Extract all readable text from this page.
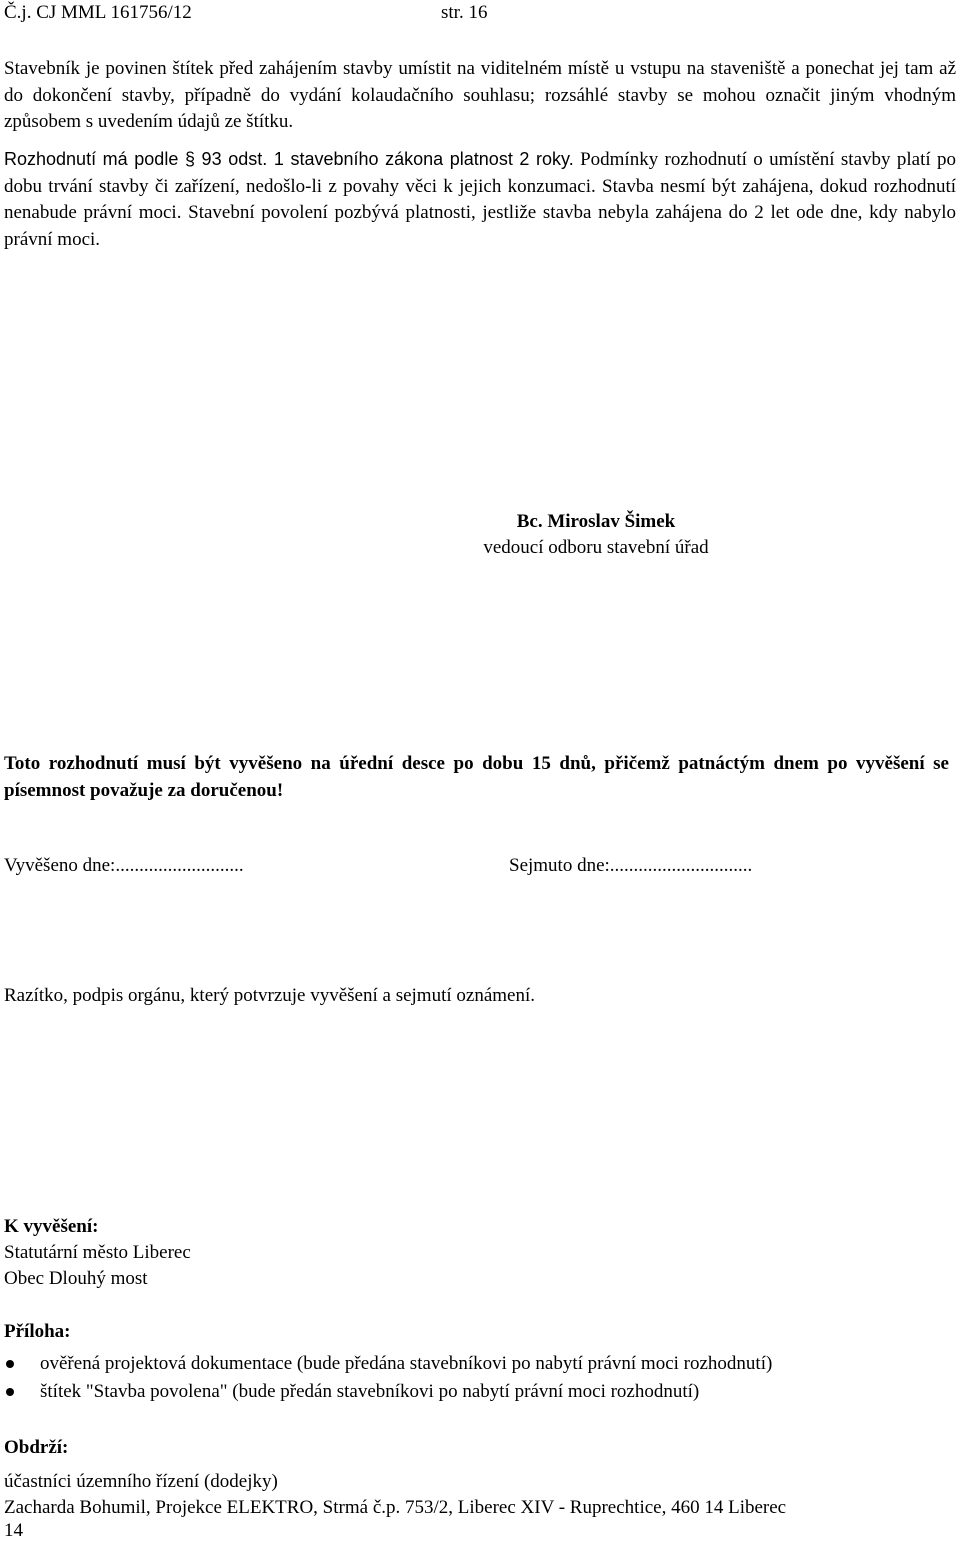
Č.j. CJ MML 161756/12	str. 16
Stavebník je povinen štítek před zahájením stavby umístit na viditelném místě u vstupu na staveniště a ponechat jej tam až do dokončení stavby, případně do vydání kolaudačního souhlasu; rozsáhlé stavby se mohou označit jiným vhodným způsobem s uvedením údajů ze štítku.
Rozhodnutí má podle § 93 odst. 1 stavebního zákona platnost 2 roky. Podmínky rozhodnutí o umístění stavby platí po dobu trvání stavby či zařízení, nedošlo-li z povahy věci k jejich konzumaci. Stavba nesmí být zahájena, dokud rozhodnutí nenabude právní moci. Stavební povolení pozbývá platnosti, jestliže stavba nebyla zahájena do 2 let ode dne, kdy nabylo právní moci.
Bc. Miroslav Šimek
vedoucí odboru stavební úřad
Toto rozhodnutí musí být vyvěšeno na úřední desce po dobu 15 dnů, přičemž patnáctým dnem po vyvěšení se písemnost považuje za doručenou!
Vyvěšeno dne:...........................	Sejmuto dne:..............................
Razítko, podpis orgánu, který potvrzuje vyvěšení a sejmutí oznámení.
K vyvěšení:
Statutární město Liberec
Obec Dlouhý most
Příloha:
ověřená projektová dokumentace (bude předána stavebníkovi po nabytí právní moci rozhodnutí)
štítek "Stavba povolena" (bude předán stavebníkovi po nabytí právní moci rozhodnutí)
Obdrží:
účastníci územního řízení (dodejky)
Zacharda Bohumil, Projekce ELEKTRO, Strmá č.p. 753/2, Liberec XIV - Ruprechtice, 460 14 Liberec
14
